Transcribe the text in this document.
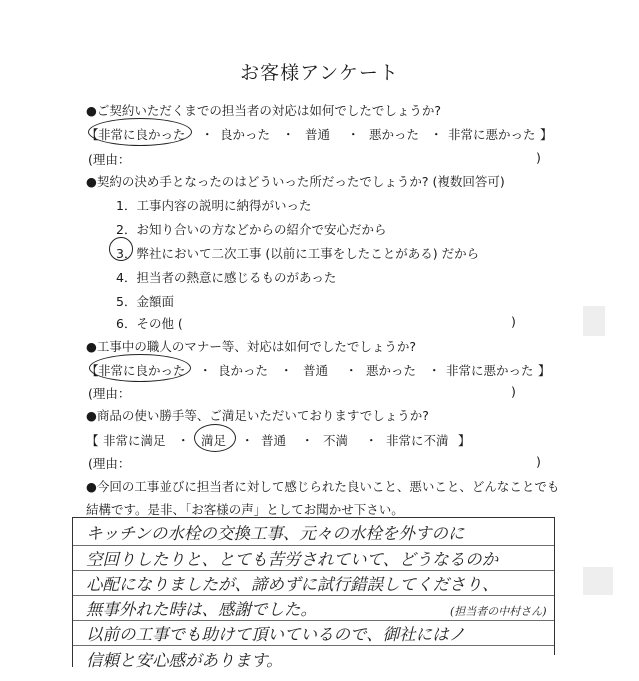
お客様アンケート
●ご契約いただくまでの担当者の対応は如何でしたでしょうか?
【 非常に良かった ・ 良かった ・ 普通 ・ 悪かった ・ 非常に悪かった 】
(理由：	)
●契約の決め手となったのはどういった所だったでしょうか? (複数回答可)
1．工事内容の説明に納得がいった
2．お知り合いの方などからの紹介で安心だから
3．弊社において二次工事 (以前に工事をしたことがある) だから
4．担当者の熱意に感じるものがあった
5．金額面
6．その他 (	)
●工事中の職人のマナー等、対応は如何でしたでしょうか?
【 非常に良かった ・ 良かった ・ 普通 ・ 悪かった ・ 非常に悪かった 】
(理由：	)
●商品の使い勝手等、ご満足いただいておりますでしょうか?
【 非常に満足 ・ 満足 ・ 普通 ・ 不満 ・ 非常に不満 】
(理由：	)
●今回の工事並びに担当者に対して感じられた良いこと、悪いこと、どんなことでも
結構です。是非、「お客様の声」としてお聞かせ下さい。
キッチンの水栓の交換工事、元々の水栓を外すのに
空回りしたりと、とても苦労されていて、どうなるのか
心配になりましたが、諦めずに試行錯誤してくださり、
無事外れた時は、感謝でした。
以前の工事でも助けて頂いているので、御社にはノ
信頼と安心感があります。
(担当者の中村さん)
